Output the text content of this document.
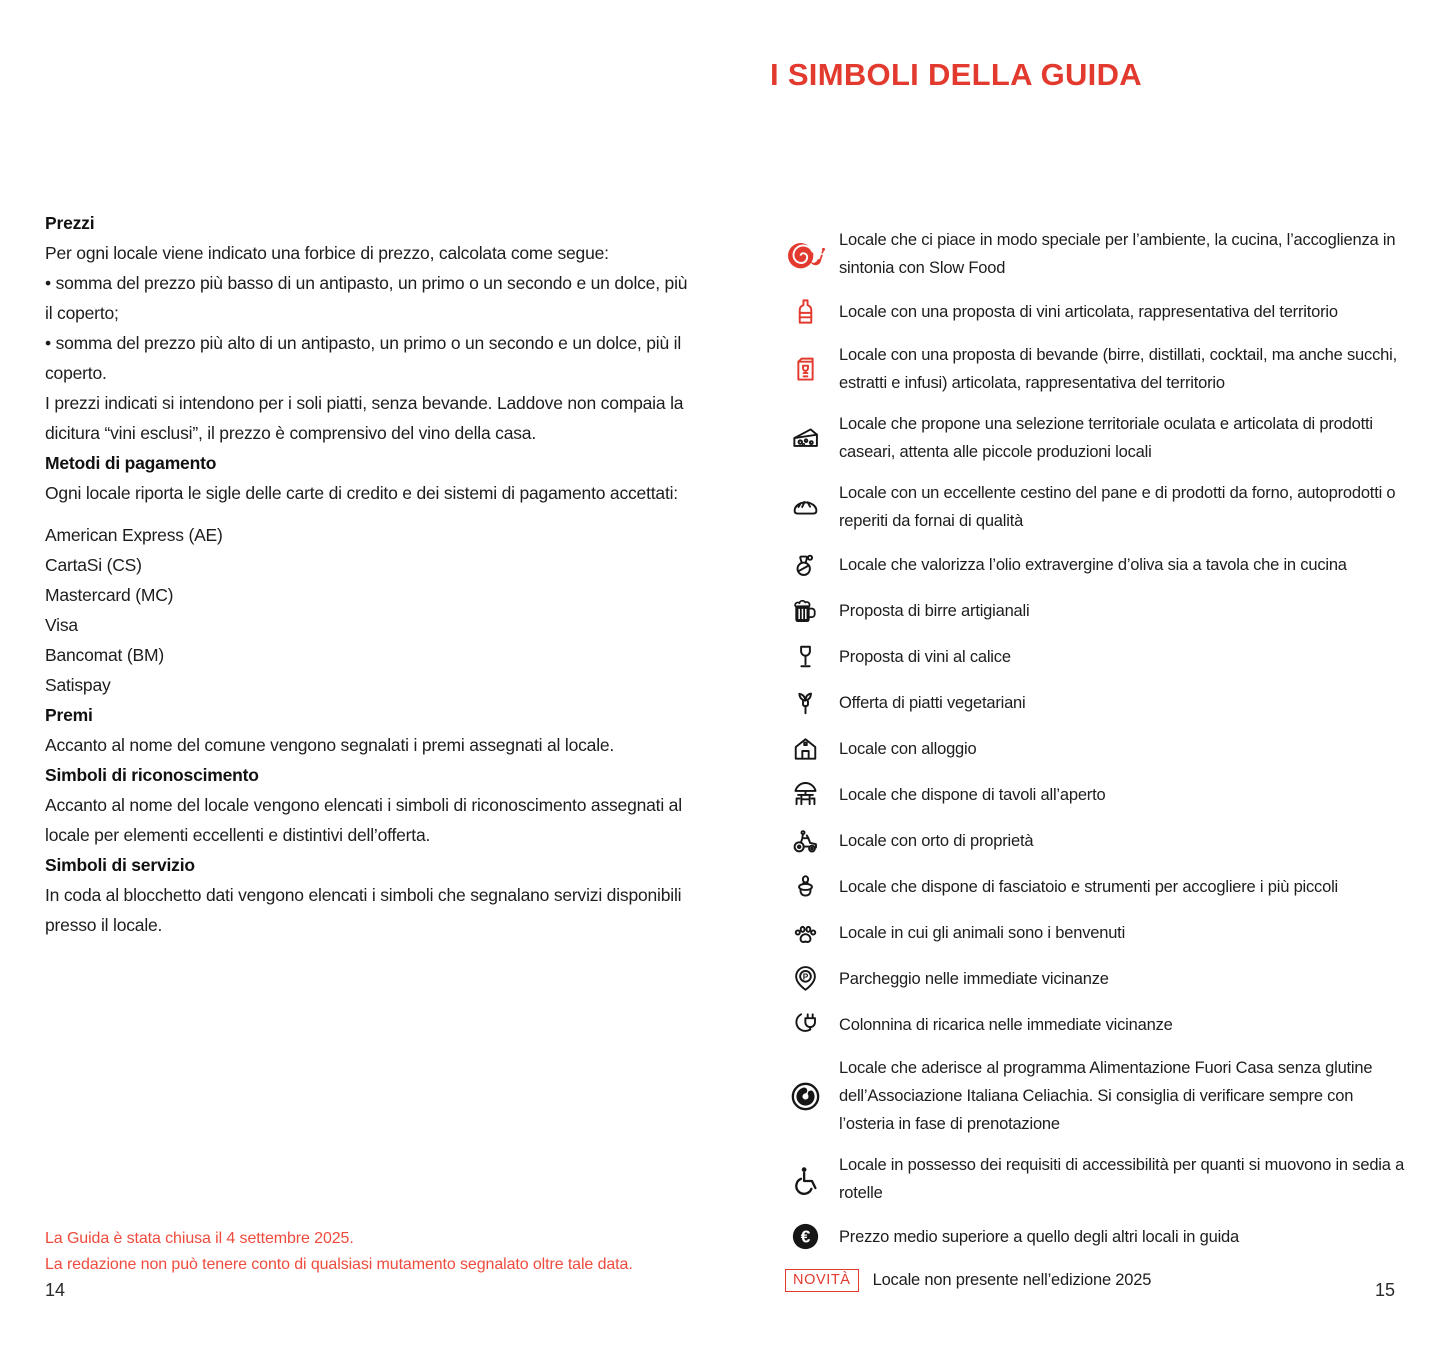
I SIMBOLI DELLA GUIDA
Prezzi

Per ogni locale viene indicato una forbice di prezzo, calcolata come segue:

• somma del prezzo più basso di un antipasto, un primo o un secondo e un dolce, più il coperto;

• somma del prezzo più alto di un antipasto, un primo o un secondo e un dolce, più il coperto.

I prezzi indicati si intendono per i soli piatti, senza bevande. Laddove non compaia la dicitura “vini esclusi”, il prezzo è comprensivo del vino della casa.

Metodi di pagamento

Ogni locale riporta le sigle delle carte di credito e dei sistemi di pagamento accettati:

American Express (AE)
CartaSi (CS)
Mastercard (MC)
Visa
Bancomat (BM)
Satispay
Premi

Accanto al nome del comune vengono segnalati i premi assegnati al locale.

Simboli di riconoscimento

Accanto al nome del locale vengono elencati i simboli di riconoscimento assegnati al locale per elementi eccellenti e distintivi dell’offerta.

Simboli di servizio

In coda al blocchetto dati vengono elencati i simboli che segnalano servizi disponibili presso il locale.

La Guida è stata chiusa il 4 settembre 2025.
La redazione non può tenere conto di qualsiasi mutamento segnalato oltre tale data.
14	15
Locale che ci piace in modo speciale per l’ambiente, la cucina, l’accoglienza in sintonia con Slow Food
Locale con una proposta di vini articolata, rappresentativa del territorio
Locale con una proposta di bevande (birre, distillati, cocktail, ma anche succhi, estratti e infusi) articolata, rappresentativa del territorio
Locale che propone una selezione territoriale oculata e articolata di prodotti caseari, attenta alle piccole produzioni locali
Locale con un eccellente cestino del pane e di prodotti da forno, autoprodotti o reperiti da fornai di qualità
Locale che valorizza l’olio extravergine d’oliva sia a tavola che in cucina
Proposta di birre artigianali
Proposta di vini al calice
Offerta di piatti vegetariani
Locale con alloggio
Locale che dispone di tavoli all’aperto
Locale con orto di proprietà
Locale che dispone di fasciatoio e strumenti per accogliere i più piccoli
Locale in cui gli animali sono i benvenuti
P Parcheggio nelle immediate vicinanze
Colonnina di ricarica nelle immediate vicinanze
Locale che aderisce al programma Alimentazione Fuori Casa senza glutine dell’Associazione Italiana Celiachia. Si consiglia di verificare sempre con l’osteria in fase di prenotazione
Locale in possesso dei requisiti di accessibilità per quanti si muovono in sedia a rotelle
€ Prezzo medio superiore a quello degli altri locali in guida
NOVITÀ	Locale non presente nell’edizione 2025
